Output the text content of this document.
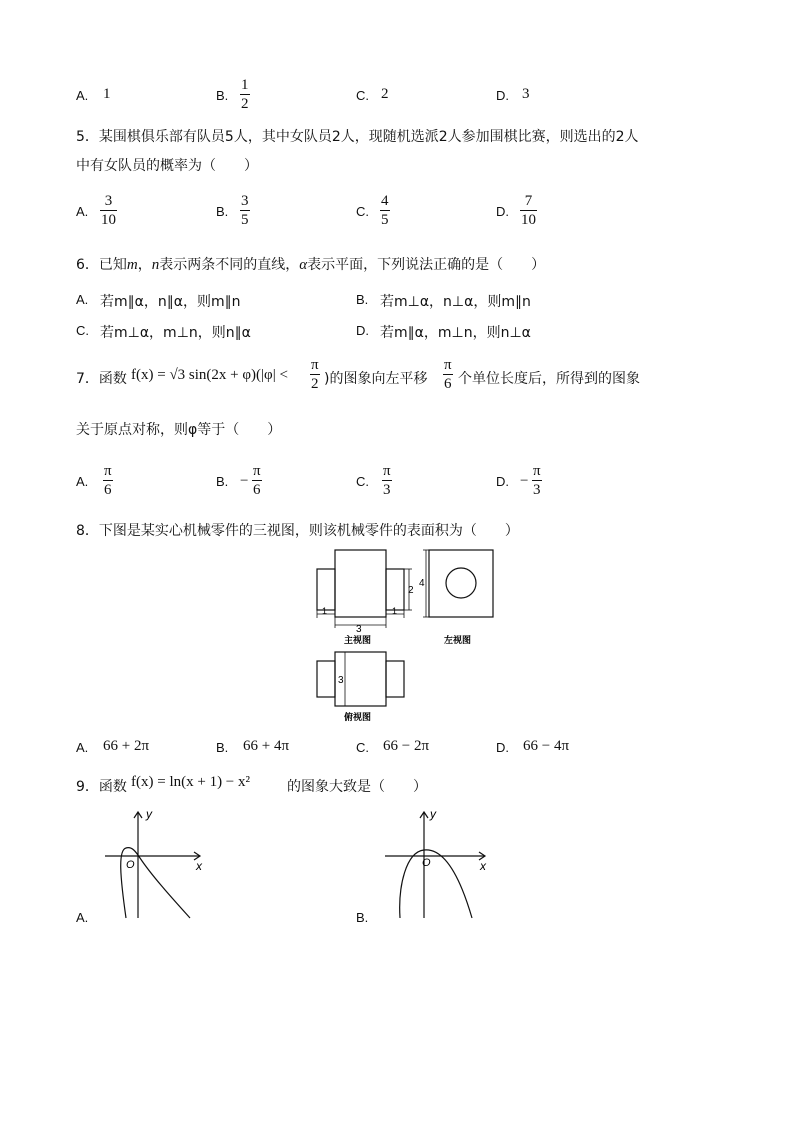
A. 1	B.
1
2
C. 2	D. 3
5．某围棋俱乐部有队员5人，其中女队员2人，现随机选派2人参加围棋比赛，则选出的2人
中有女队员的概率为（　　）
A.
3
10
B.
3
5
C.
4
5
D.
7
10
6．已知m，n表示两条不同的直线，α表示平面，下列说法正确的是（　　）
A. 若m∥α，n∥α，则m∥n	B. 若m⊥α，n⊥α，则m∥n
C. 若m⊥α，m⊥n，则n∥α	D. 若m∥α，m⊥n，则n⊥α
7．函数 f(x) = √3 sin(2x + φ)(|φ| <
π
2 )的图象向左平移
π
6 个单位长度后，所得到的图象
关于原点对称，则φ等于（　　）
A.
π
6
B. −
π
6
C.
π
3
D. −
π
3
8．下图是某实心机械零件的三视图，则该机械零件的表面积为（　　）
2
1	1
3
主视图
4
左视图
3
俯视图
A. 66 + 2π	B. 66 + 4π	C. 66 − 2π	D. 66 − 4π
9．函数 f(x) = ln(x + 1) − x²	的图象大致是（　　）
A.
y
x
O
B.
y
x
O
